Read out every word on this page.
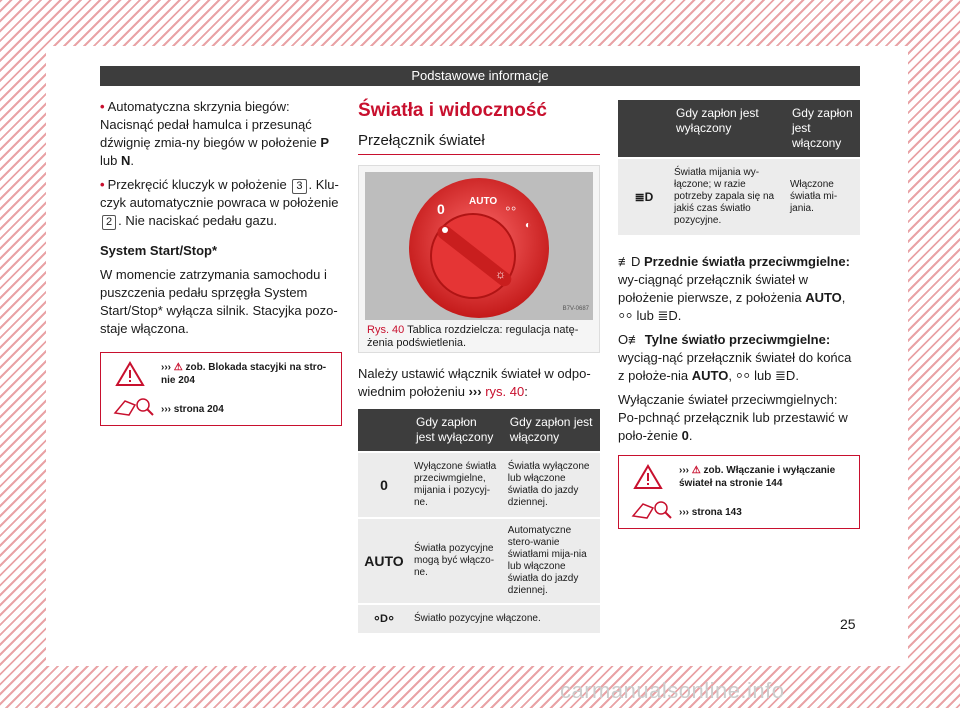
Podstawowe informacje

• Automatyczna skrzynia biegów: Nacisnąć pedał hamulca i przesunąć dźwignię zmia-ny biegów w położenie P lub N.

• Przekręcić kluczyk w położenie 3 . Klu-czyk automatycznie powraca w położenie 2 . Nie naciskać pedału gazu.

System Start/Stop*

W momencie zatrzymania samochodu i puszczenia pedału sprzęgła System Start/Stop* wyłącza silnik. Stacyjka pozo-staje włączona.

››› ⚠ zob. Blokada stacyjki na stro-nie 204
››› strona 204
Światła i widoczność
Przełącznik świateł
0 AUTO
⸰⸰
◐
☼
B7V-0687
Rys. 40 Tablica rozdzielcza: regulacja natę-żenia podświetlenia.

Należy ustawić włącznik świateł w odpo-wiednim położeniu ››› rys. 40:

	Gdy zapłon jest wyłączony	Gdy zapłon jest włączony
0	Wyłączone światła przeciwmgielne, mijania i pozycyj-ne.	Światła wyłączone lub włączone światła do jazdy dziennej.
AUTO	Światła pozycyjne mogą być włączo-ne.	Automatyczne stero-wanie światłami mija-nia lub włączone światła do jazdy dziennej.
⸰D⸰	Światło pozycyjne włączone.	
	Gdy zapłon jest wyłączony	Gdy zapłon jest włączony
≣D	Światła mijania wy-łączone; w razie potrzeby zapala się na jakiś czas światło pozycyjne.	Włączone światła mi-jania.

≢D Przednie światła przeciwmgielne: wy-ciągnąć przełącznik świateł w położenie pierwsze, z położenia AUTO, ⸰⸰ lub ≣D.

O≢ Tylne światło przeciwmgielne: wyciąg-nąć przełącznik świateł do końca z położe-nia AUTO, ⸰⸰ lub ≣D.

Wyłączanie świateł przeciwmgielnych: Po-pchnąć przełącznik lub przestawić w poło-żenie 0.

››› ⚠ zob. Włączanie i wyłączanie świateł na stronie 144
››› strona 143
25
carmanualsonline.info
